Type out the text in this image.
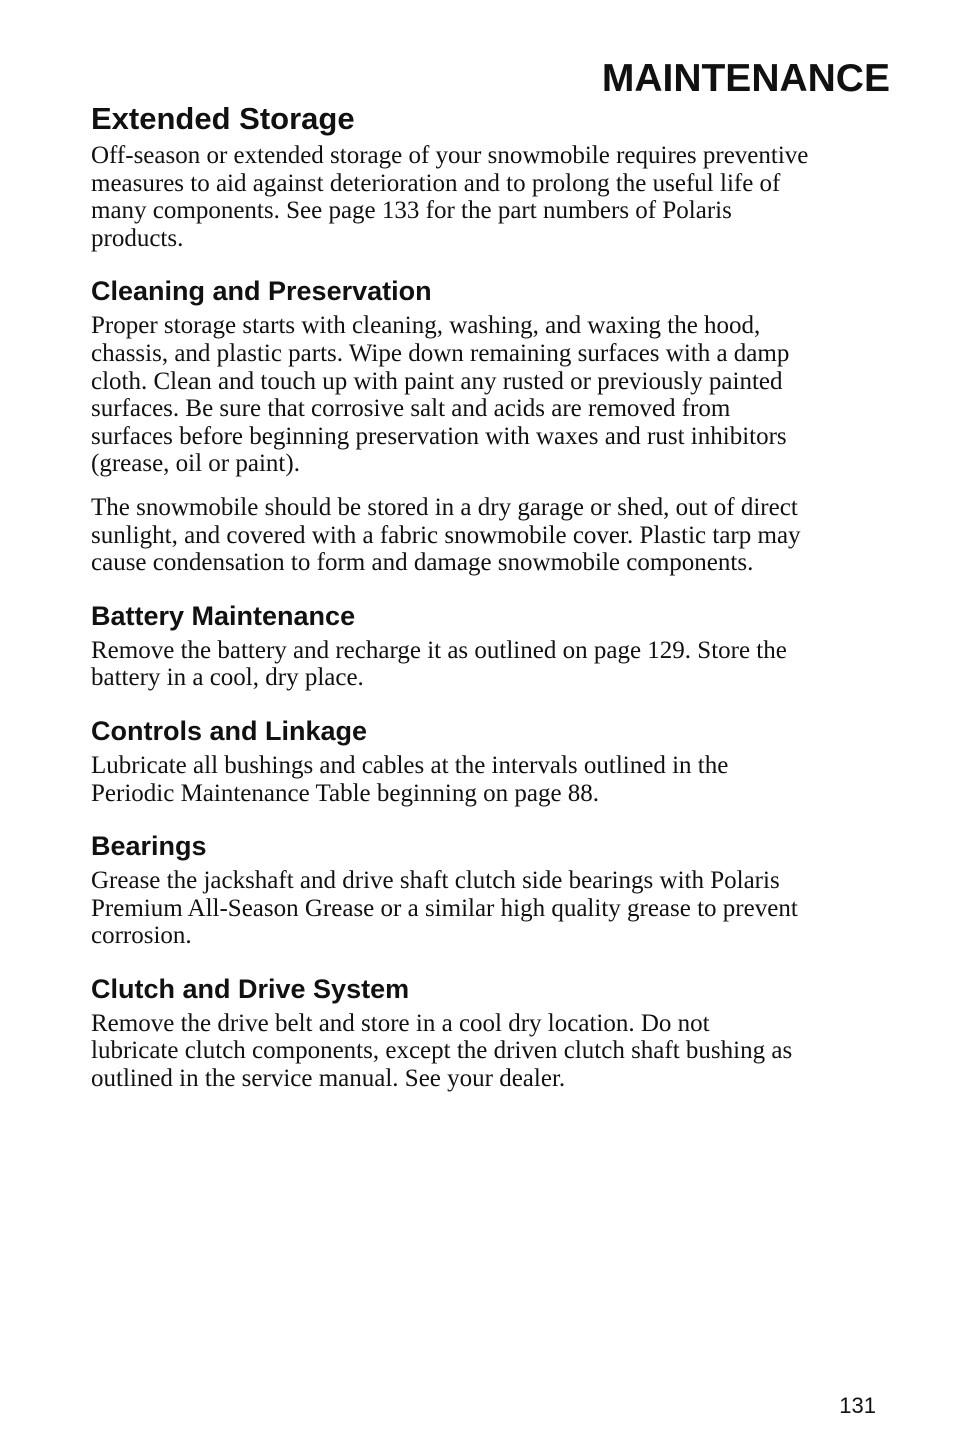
MAINTENANCE
Extended Storage

Off-season or extended storage of your snowmobile requires preventive
measures to aid against deterioration and to prolong the useful life of
many components. See page 133 for the part numbers of Polaris
products.

Cleaning and Preservation

Proper storage starts with cleaning, washing, and waxing the hood,
chassis, and plastic parts. Wipe down remaining surfaces with a damp
cloth. Clean and touch up with paint any rusted or previously painted
surfaces. Be sure that corrosive salt and acids are removed from
surfaces before beginning preservation with waxes and rust inhibitors
(grease, oil or paint).

The snowmobile should be stored in a dry garage or shed, out of direct
sunlight, and covered with a fabric snowmobile cover. Plastic tarp may
cause condensation to form and damage snowmobile components.

Battery Maintenance

Remove the battery and recharge it as outlined on page 129. Store the
battery in a cool, dry place.

Controls and Linkage

Lubricate all bushings and cables at the intervals outlined in the
Periodic Maintenance Table beginning on page 88.

Bearings

Grease the jackshaft and drive shaft clutch side bearings with Polaris
Premium All-Season Grease or a similar high quality grease to prevent
corrosion.

Clutch and Drive System

Remove the drive belt and store in a cool dry location. Do not
lubricate clutch components, except the driven clutch shaft bushing as
outlined in the service manual. See your dealer.

131
